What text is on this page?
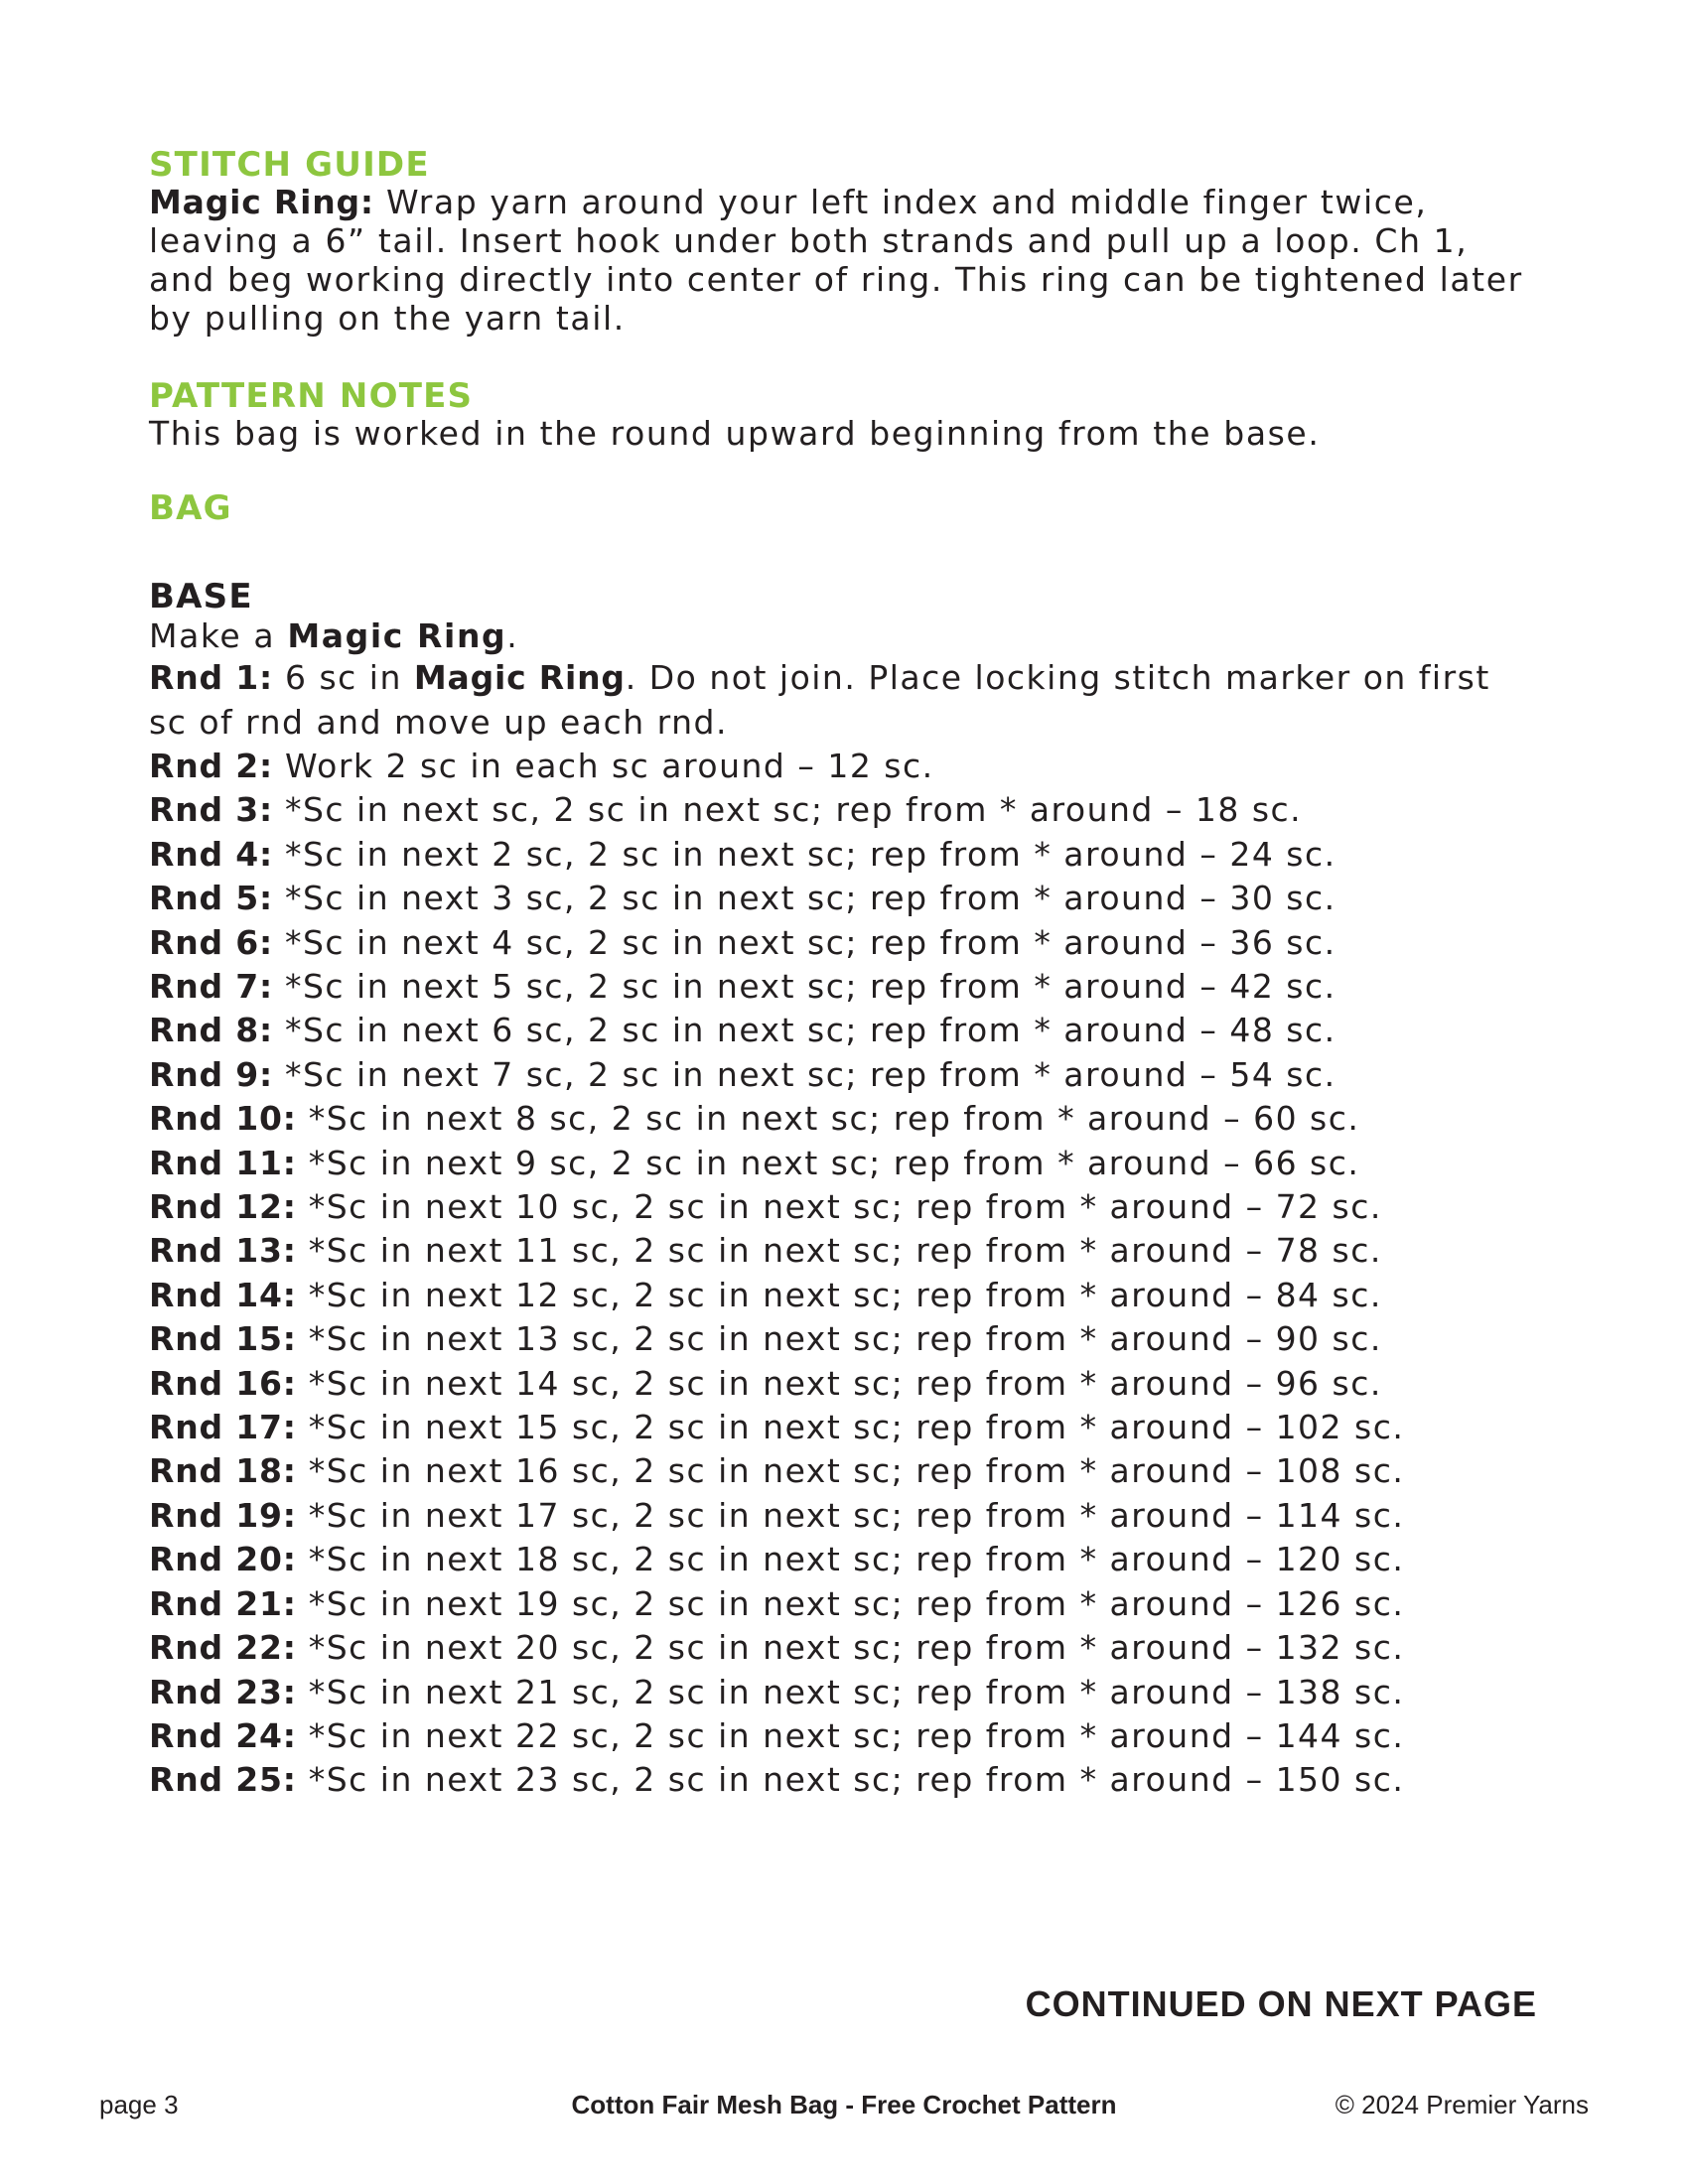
STITCH GUIDE

Magic Ring: Wrap yarn around your left index and middle finger twice, leaving a 6” tail. Insert hook under both strands and pull up a loop. Ch 1, and beg working directly into center of ring. This ring can be tightened later by pulling on the yarn tail.

PATTERN NOTES

This bag is worked in the round upward beginning from the base.

BAG
BASE

Make a Magic Ring.

Rnd 1: 6 sc in Magic Ring. Do not join. Place locking stitch marker on first sc of rnd and move up each rnd.

Rnd 2: Work 2 sc in each sc around – 12 sc.

Rnd 3: *Sc in next sc, 2 sc in next sc; rep from * around – 18 sc.

Rnd 4: *Sc in next 2 sc, 2 sc in next sc; rep from * around – 24 sc.

Rnd 5: *Sc in next 3 sc, 2 sc in next sc; rep from * around – 30 sc.

Rnd 6: *Sc in next 4 sc, 2 sc in next sc; rep from * around – 36 sc.

Rnd 7: *Sc in next 5 sc, 2 sc in next sc; rep from * around – 42 sc.

Rnd 8: *Sc in next 6 sc, 2 sc in next sc; rep from * around – 48 sc.

Rnd 9: *Sc in next 7 sc, 2 sc in next sc; rep from * around – 54 sc.

Rnd 10: *Sc in next 8 sc, 2 sc in next sc; rep from * around – 60 sc.

Rnd 11: *Sc in next 9 sc, 2 sc in next sc; rep from * around – 66 sc.

Rnd 12: *Sc in next 10 sc, 2 sc in next sc; rep from * around – 72 sc.

Rnd 13: *Sc in next 11 sc, 2 sc in next sc; rep from * around – 78 sc.

Rnd 14: *Sc in next 12 sc, 2 sc in next sc; rep from * around – 84 sc.

Rnd 15: *Sc in next 13 sc, 2 sc in next sc; rep from * around – 90 sc.

Rnd 16: *Sc in next 14 sc, 2 sc in next sc; rep from * around – 96 sc.

Rnd 17: *Sc in next 15 sc, 2 sc in next sc; rep from * around – 102 sc.

Rnd 18: *Sc in next 16 sc, 2 sc in next sc; rep from * around – 108 sc.

Rnd 19: *Sc in next 17 sc, 2 sc in next sc; rep from * around – 114 sc.

Rnd 20: *Sc in next 18 sc, 2 sc in next sc; rep from * around – 120 sc.

Rnd 21: *Sc in next 19 sc, 2 sc in next sc; rep from * around – 126 sc.

Rnd 22: *Sc in next 20 sc, 2 sc in next sc; rep from * around – 132 sc.

Rnd 23: *Sc in next 21 sc, 2 sc in next sc; rep from * around – 138 sc.

Rnd 24: *Sc in next 22 sc, 2 sc in next sc; rep from * around – 144 sc.

Rnd 25: *Sc in next 23 sc, 2 sc in next sc; rep from * around – 150 sc.

CONTINUED ON NEXT PAGE

page 3	Cotton Fair Mesh Bag - Free Crochet Pattern	© 2024 Premier Yarns
